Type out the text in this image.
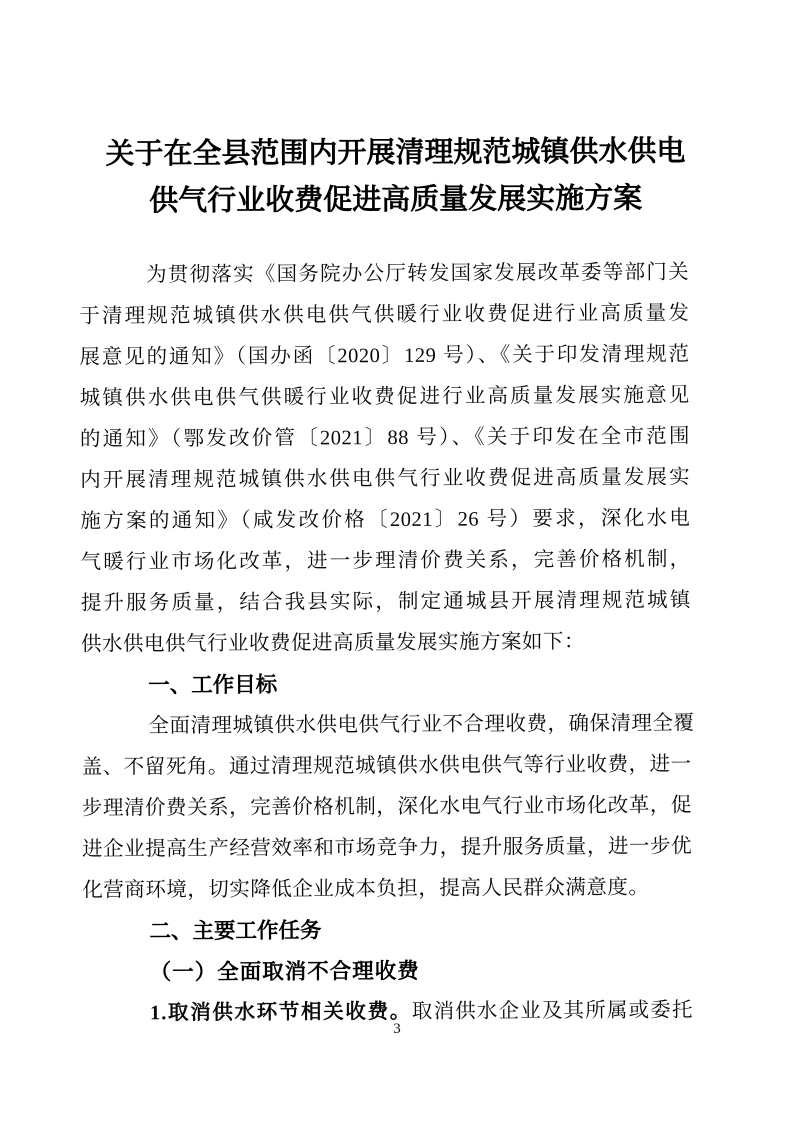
关于在全县范围内开展清理规范城镇供水供电
供气行业收费促进高质量发展实施方案
为贯彻落实《国务院办公厅转发国家发展改革委等部门关
于清理规范城镇供水供电供气供暖行业收费促进行业高质量发
展意见的通知》（国办函〔2020〕129 号）、《关于印发清理规范
城镇供水供电供气供暖行业收费促进行业高质量发展实施意见
的通知》（鄂发改价管〔2021〕88 号）、《关于印发在全市范围
内开展清理规范城镇供水供电供气行业收费促进高质量发展实
施方案的通知》（咸发改价格〔2021〕26 号）要求，深化水电
气暖行业市场化改革，进一步理清价费关系，完善价格机制，
提升服务质量，结合我县实际，制定通城县开展清理规范城镇
供水供电供气行业收费促进高质量发展实施方案如下：
一、工作目标
全面清理城镇供水供电供气行业不合理收费，确保清理全覆
盖、不留死角。通过清理规范城镇供水供电供气等行业收费，进一
步理清价费关系，完善价格机制，深化水电气行业市场化改革，促
进企业提高生产经营效率和市场竞争力，提升服务质量，进一步优
化营商环境，切实降低企业成本负担，提高人民群众满意度。
二、主要工作任务
（一）全面取消不合理收费
1.取消供水环节相关收费。取消供水企业及其所属或委托
3
